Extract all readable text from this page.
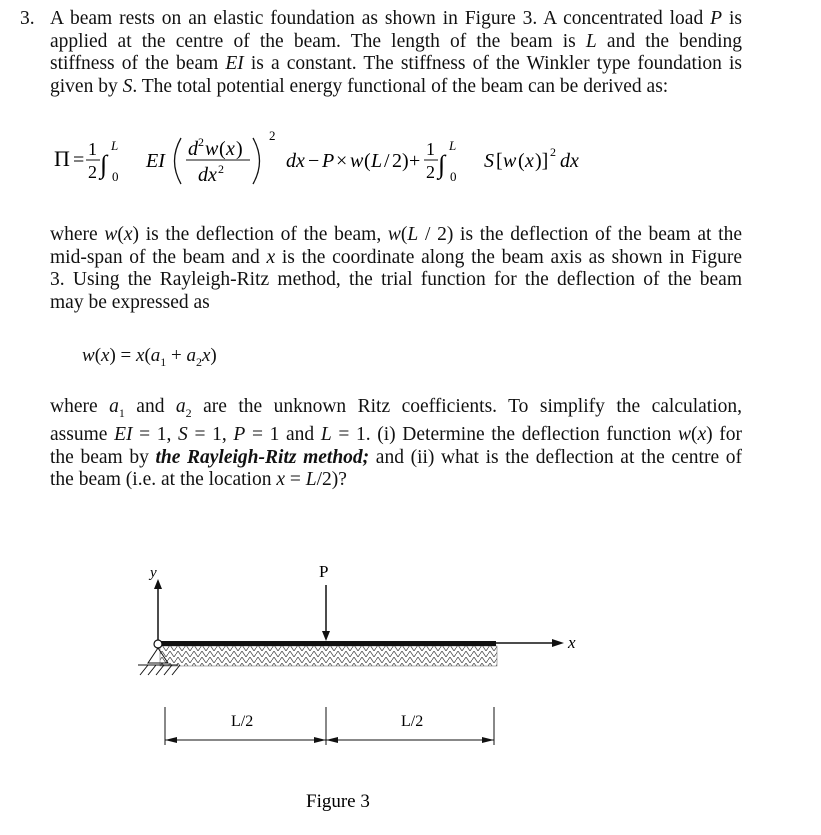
3. A beam rests on an elastic foundation as shown in Figure 3. A concentrated load P is
applied at the centre of the beam. The length of the beam is L and the bending
stiffness of the beam EI is a constant. The stiffness of the Winkler type foundation is
given by S. The total potential energy functional of the beam can be derived as:
Π = 1
2 ∫
L
0
EI
2
d 2 w ( x )
dx 2	dx − P × w ( L / 2) +
1
2 ∫
L
0
S [ w ( x )] 2 dx
where w(x) is the deflection of the beam, w(L / 2) is the deflection of the beam at the
mid-span of the beam and x is the coordinate along the beam axis as shown in Figure
3. Using the Rayleigh-Ritz method, the trial function for the deflection of the beam
may be expressed as
$w(x) = x(a_1 + a_2x)$
where $a_1$ and $a_2$ are the unknown Ritz coefficients. To simplify the calculation,
assume EI = 1, S = 1, P = 1 and L = 1. (i) Determine the deflection function w(x) for
the beam by the Rayleigh-Ritz method; and (ii) what is the deflection at the centre of
the beam (i.e. at the location x = L/2)?
y
x
P
L/2	L/2
Figure 3
